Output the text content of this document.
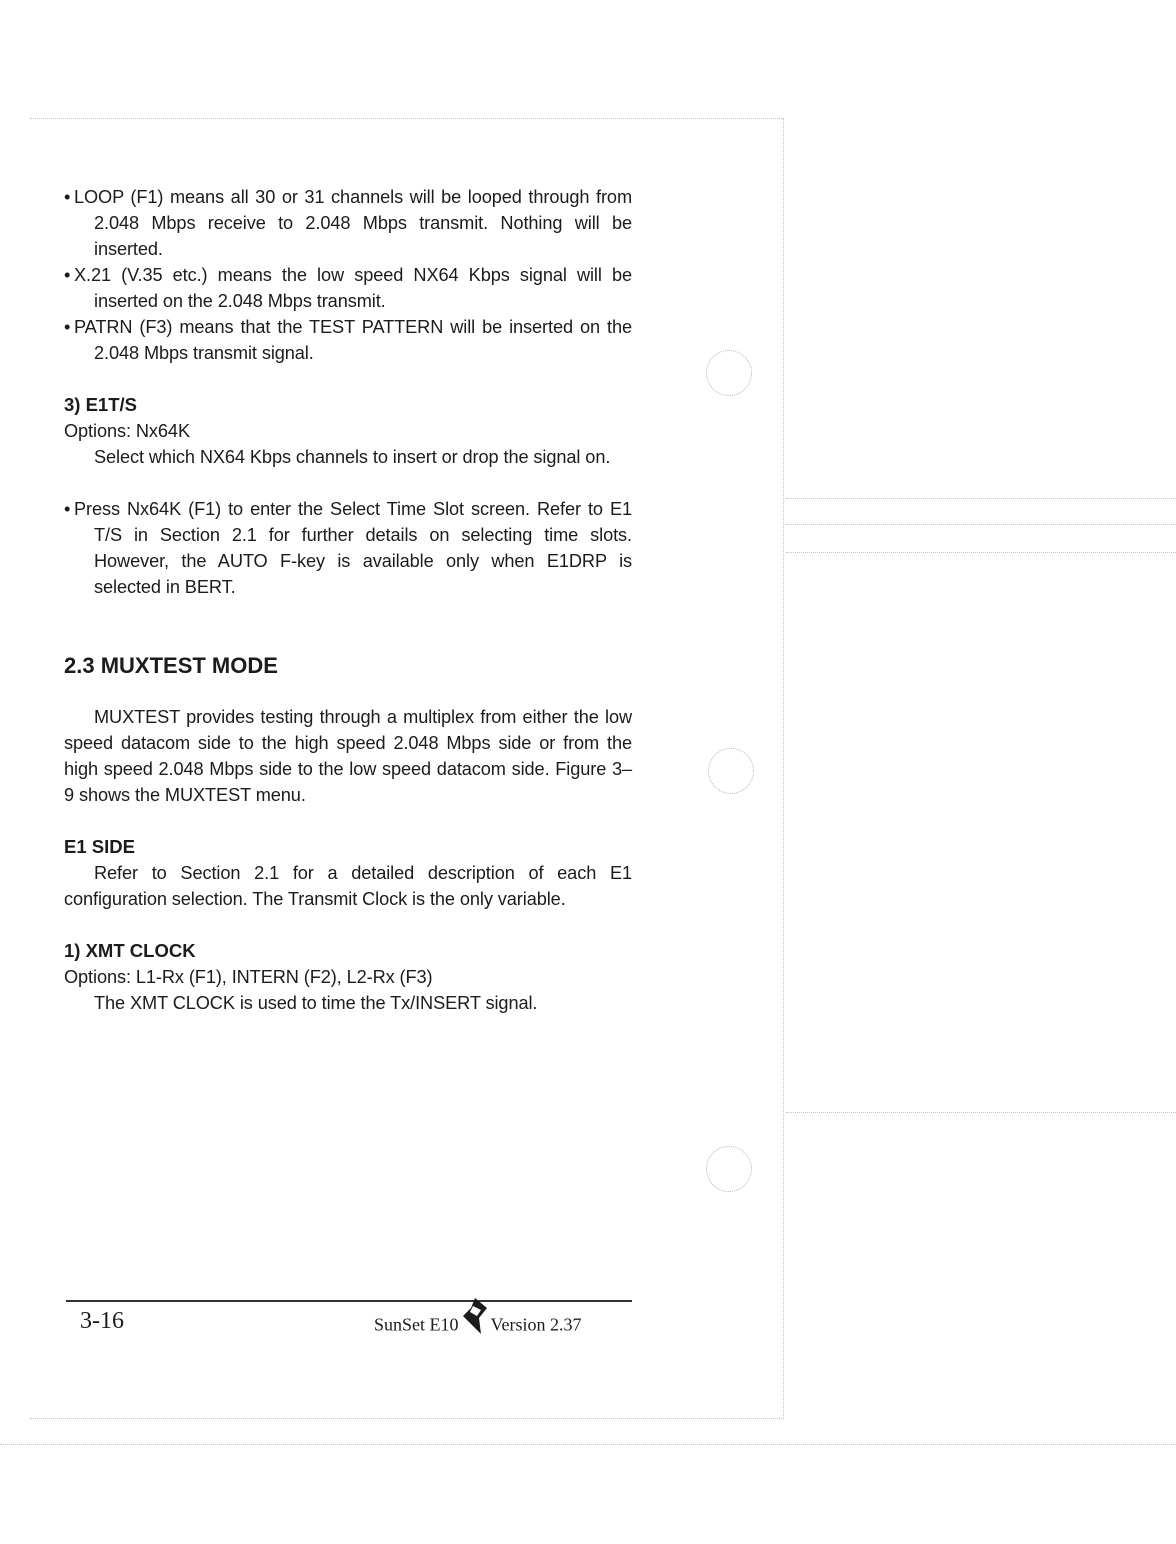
• LOOP (F1) means all 30 or 31 channels will be looped through from 2.048 Mbps receive to 2.048 Mbps transmit. Nothing will be inserted.

• X.21 (V.35 etc.) means the low speed NX64 Kbps signal will be inserted on the 2.048 Mbps transmit.

• PATRN (F3) means that the TEST PATTERN will be inserted on the 2.048 Mbps transmit signal.

3) E1T/S

Options: Nx64K

Select which NX64 Kbps channels to insert or drop the signal on.

• Press Nx64K (F1) to enter the Select Time Slot screen. Refer to E1 T/S in Section 2.1 for further details on selecting time slots. However, the AUTO F-key is available only when E1DRP is selected in BERT.

2.3 MUXTEST MODE

MUXTEST provides testing through a multiplex from either the low speed datacom side to the high speed 2.048 Mbps side or from the high speed 2.048 Mbps side to the low speed datacom side. Figure 3–9 shows the MUXTEST menu.

E1 SIDE

Refer to Section 2.1 for a detailed description of each E1 configuration selection. The Transmit Clock is the only variable.

1) XMT CLOCK

Options: L1-Rx (F1), INTERN (F2), L2-Rx (F3)

The XMT CLOCK is used to time the Tx/INSERT signal.

3-16	SunSet E10 Version 2.37
